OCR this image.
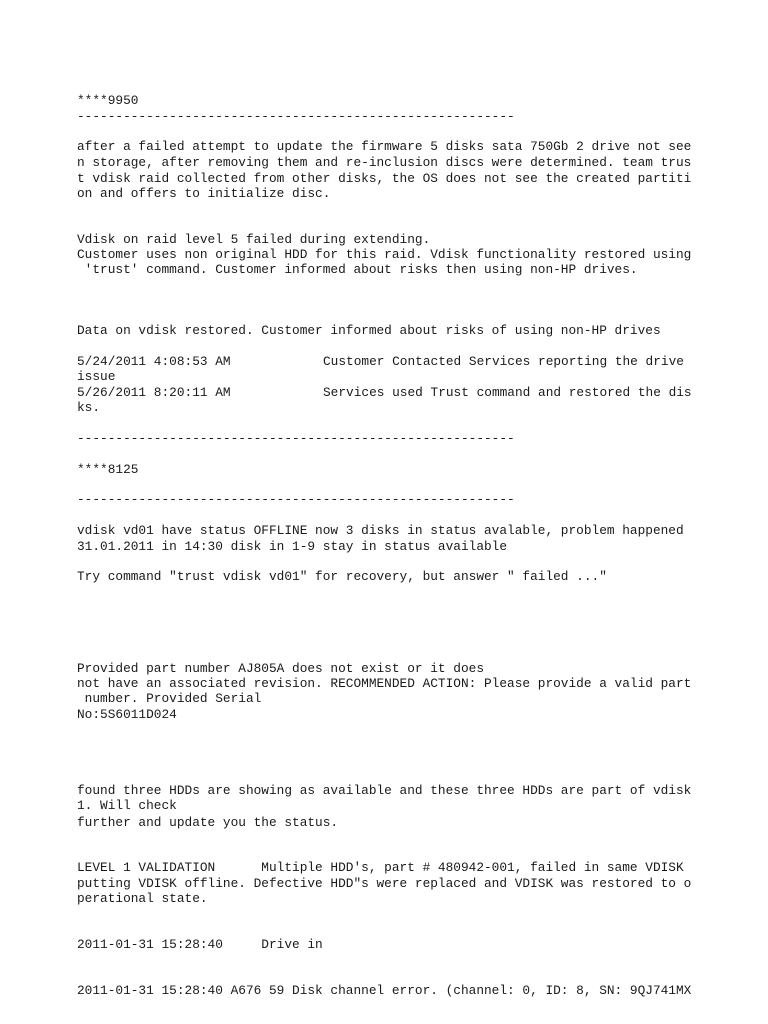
****9950
---------------------------------------------------------
after a failed attempt to update the firmware 5 disks sata 750Gb 2 drive not see
n storage, after removing them and re-inclusion discs were determined. team trus
t vdisk raid collected from other disks, the OS does not see the created partiti
on and offers to initialize disc.
Vdisk on raid level 5 failed during extending.
Customer uses non original HDD for this raid. Vdisk functionality restored using
'trust' command. Customer informed about risks then using non-HP drives.
Data on vdisk restored. Customer informed about risks of using non-HP drives
5/24/2011 4:08:53 AM	Customer Contacted Services reporting the drive
issue
5/26/2011 8:20:11 AM	Services used Trust command and restored the dis
ks.
---------------------------------------------------------
****8125
---------------------------------------------------------
vdisk vd01 have status OFFLINE now 3 disks in status avalable, problem happened
31.01.2011 in 14:30 disk in 1-9 stay in status available
Try command "trust vdisk vd01" for recovery, but answer " failed ..."
Provided part number AJ805A does not exist or it does
not have an associated revision. RECOMMENDED ACTION: Please provide a valid part
number. Provided Serial
No:5S6011D024
found three HDDs are showing as available and these three HDDs are part of vdisk
1. Will check
further and update you the status.
LEVEL 1 VALIDATION      Multiple HDD's, part # 480942-001, failed in same VDISK
putting VDISK offline. Defective HDD"s were replaced and VDISK was restored to o
perational state.
2011-01-31 15:28:40     Drive in
2011-01-31 15:28:40 A676 59 Disk channel error. (channel: 0, ID: 8, SN: 9QJ741MX
